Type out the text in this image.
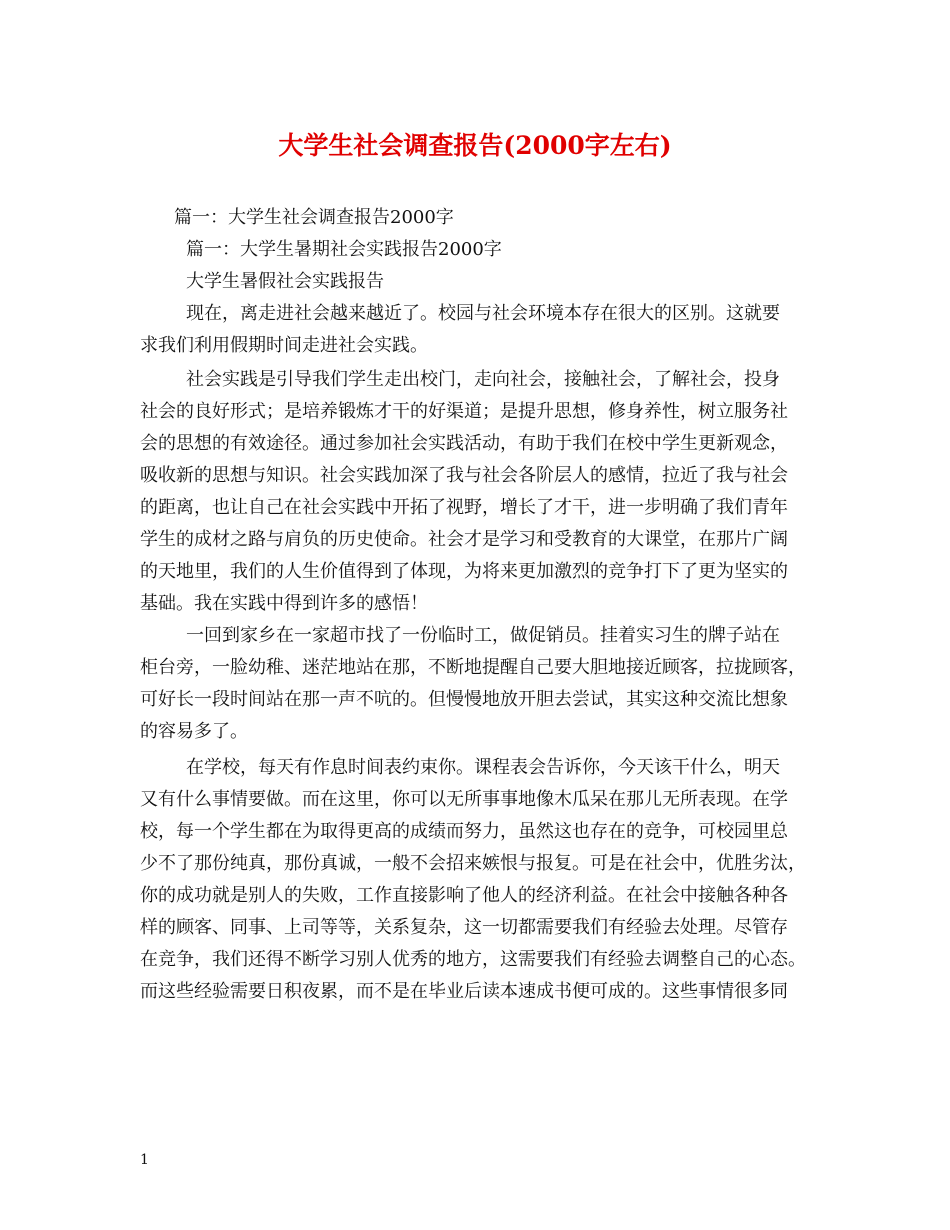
大学生社会调查报告(2000字左右)
篇一：大学生社会调查报告2000字
篇一：大学生暑期社会实践报告2000字
大学生暑假社会实践报告
现在，离走进社会越来越近了。校园与社会环境本存在很大的区别。这就要
求我们利用假期时间走进社会实践。
社会实践是引导我们学生走出校门，走向社会，接触社会，了解社会，投身
社会的良好形式；是培养锻炼才干的好渠道；是提升思想，修身养性，树立服务社
会的思想的有效途径。通过参加社会实践活动，有助于我们在校中学生更新观念，
吸收新的思想与知识。社会实践加深了我与社会各阶层人的感情，拉近了我与社会
的距离，也让自己在社会实践中开拓了视野，增长了才干，进一步明确了我们青年
学生的成材之路与肩负的历史使命。社会才是学习和受教育的大课堂，在那片广阔
的天地里，我们的人生价值得到了体现，为将来更加激烈的竞争打下了更为坚实的
基础。我在实践中得到许多的感悟！
一回到家乡在一家超市找了一份临时工，做促销员。挂着实习生的牌子站在
柜台旁，一脸幼稚、迷茫地站在那，不断地提醒自己要大胆地接近顾客，拉拢顾客，
可好长一段时间站在那一声不吭的。但慢慢地放开胆去尝试，其实这种交流比想象
的容易多了。
在学校，每天有作息时间表约束你。课程表会告诉你，今天该干什么，明天
又有什么事情要做。而在这里，你可以无所事事地像木瓜呆在那儿无所表现。在学
校，每一个学生都在为取得更高的成绩而努力，虽然这也存在的竞争，可校园里总
少不了那份纯真，那份真诚，一般不会招来嫉恨与报复。可是在社会中，优胜劣汰，
你的成功就是别人的失败，工作直接影响了他人的经济利益。在社会中接触各种各
样的顾客、同事、上司等等，关系复杂，这一切都需要我们有经验去处理。尽管存
在竞争，我们还得不断学习别人优秀的地方，这需要我们有经验去调整自己的心态。
而这些经验需要日积夜累，而不是在毕业后读本速成书便可成的。这些事情很多同
1
